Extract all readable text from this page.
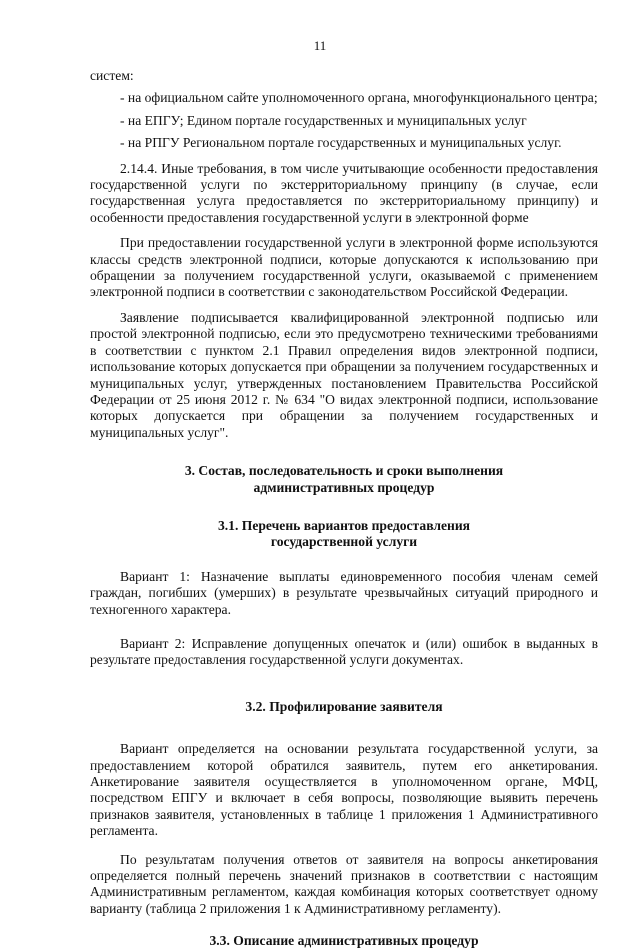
11

систем:

- на официальном сайте уполномоченного органа, многофункционального центра;

- на ЕПГУ; Едином портале государственных и муниципальных услуг

- на РПГУ Региональном портале государственных и муниципальных услуг.

2.14.4. Иные требования, в том числе учитывающие особенности предоставления государственной услуги по экстерриториальному принципу (в случае, если государственная услуга предоставляется по экстерриториальному принципу) и особенности предоставления государственной услуги в электронной форме

При предоставлении государственной услуги в электронной форме используются классы средств электронной подписи, которые допускаются к использованию при обращении за получением государственной услуги, оказываемой с применением электронной подписи в соответствии с законодательством Российской Федерации.

Заявление подписывается квалифицированной электронной подписью или простой электронной подписью, если это предусмотрено техническими требованиями в соответствии с пунктом 2.1 Правил определения видов электронной подписи, использование которых допускается при обращении за получением государственных и муниципальных услуг, утвержденных постановлением Правительства Российской Федерации от 25 июня 2012 г. № 634 "О видах электронной подписи, использование которых допускается при обращении за получением государственных и муниципальных услуг".

3. Состав, последовательность и сроки выполнения
административных процедур
3.1. Перечень вариантов предоставления
государственной услуги

Вариант 1: Назначение выплаты единовременного пособия членам семей граждан, погибших (умерших) в результате чрезвычайных ситуаций природного и техногенного характера.

Вариант 2: Исправление допущенных опечаток и (или) ошибок в выданных в результате предоставления государственной услуги документах.

3.2. Профилирование заявителя

Вариант определяется на основании результата государственной услуги, за предоставлением которой обратился заявитель, путем его анкетирования. Анкетирование заявителя осуществляется в уполномоченном органе, МФЦ, посредством ЕПГУ и включает в себя вопросы, позволяющие выявить перечень признаков заявителя, установленных в таблице 1 приложения 1 Административного регламента.

По результатам получения ответов от заявителя на вопросы анкетирования определяется полный перечень значений признаков в соответствии с настоящим Административным регламентом, каждая комбинация которых соответствует одному варианту (таблица 2 приложения 1 к Административному регламенту).

3.3. Описание административных процедур
